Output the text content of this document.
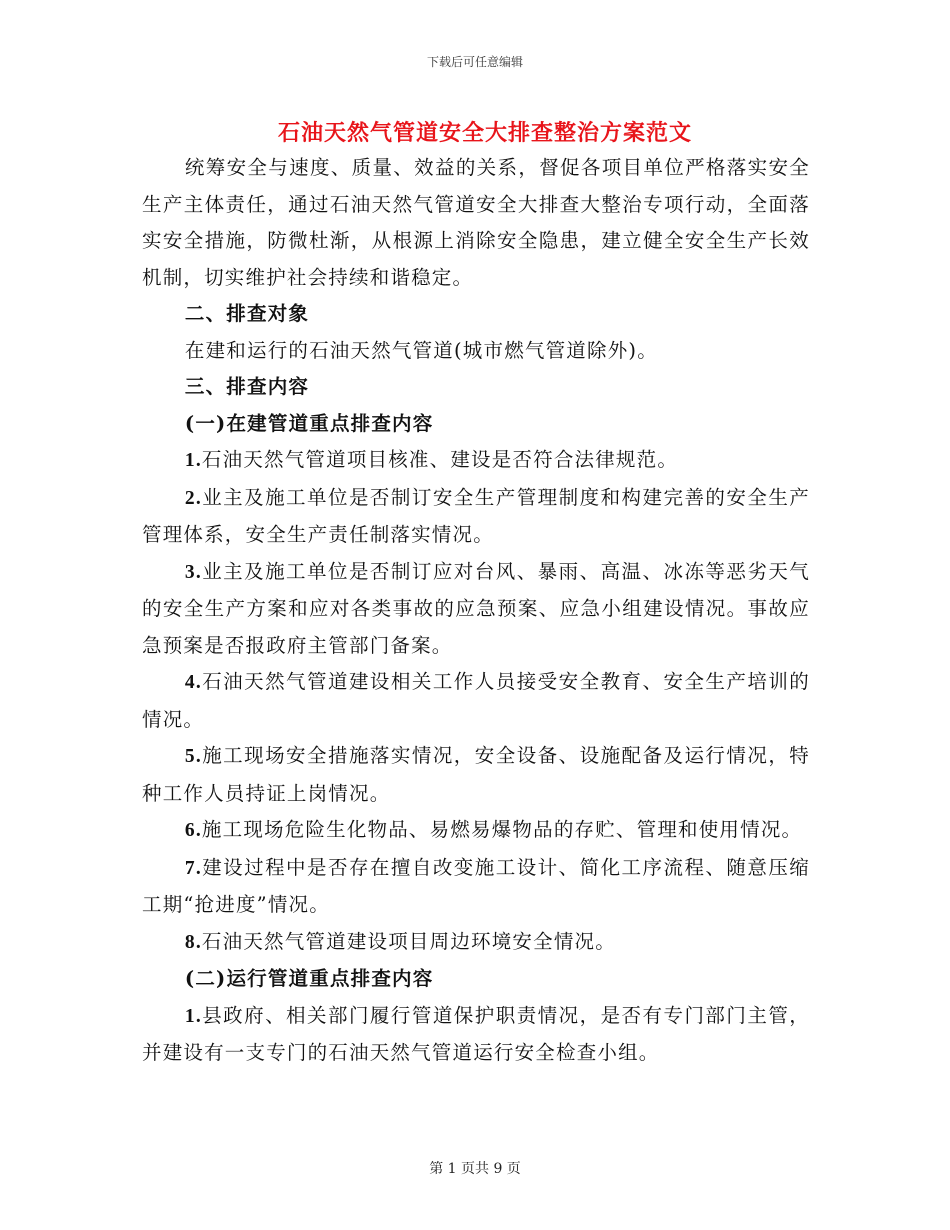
下载后可任意编辑
石油天然气管道安全大排查整治方案范文

统筹安全与速度、质量、效益的关系，督促各项目单位严格落实安全生产主体责任，通过石油天然气管道安全大排查大整治专项行动，全面落实安全措施，防微杜渐，从根源上消除安全隐患，建立健全安全生产长效机制，切实维护社会持续和谐稳定。

二、排查对象

在建和运行的石油天然气管道(城市燃气管道除外)。

三、排查内容

(一)在建管道重点排查内容

1.石油天然气管道项目核准、建设是否符合法律规范。

2.业主及施工单位是否制订安全生产管理制度和构建完善的安全生产管理体系，安全生产责任制落实情况。

3.业主及施工单位是否制订应对台风、暴雨、高温、冰冻等恶劣天气的安全生产方案和应对各类事故的应急预案、应急小组建设情况。事故应急预案是否报政府主管部门备案。

4.石油天然气管道建设相关工作人员接受安全教育、安全生产培训的情况。

5.施工现场安全措施落实情况，安全设备、设施配备及运行情况，特种工作人员持证上岗情况。

6.施工现场危险生化物品、易燃易爆物品的存贮、管理和使用情况。

7.建设过程中是否存在擅自改变施工设计、简化工序流程、随意压缩工期“抢进度”情况。

8.石油天然气管道建设项目周边环境安全情况。

(二)运行管道重点排查内容

1.县政府、相关部门履行管道保护职责情况，是否有专门部门主管，并建设有一支专门的石油天然气管道运行安全检查小组。

第 1 页共 9 页
